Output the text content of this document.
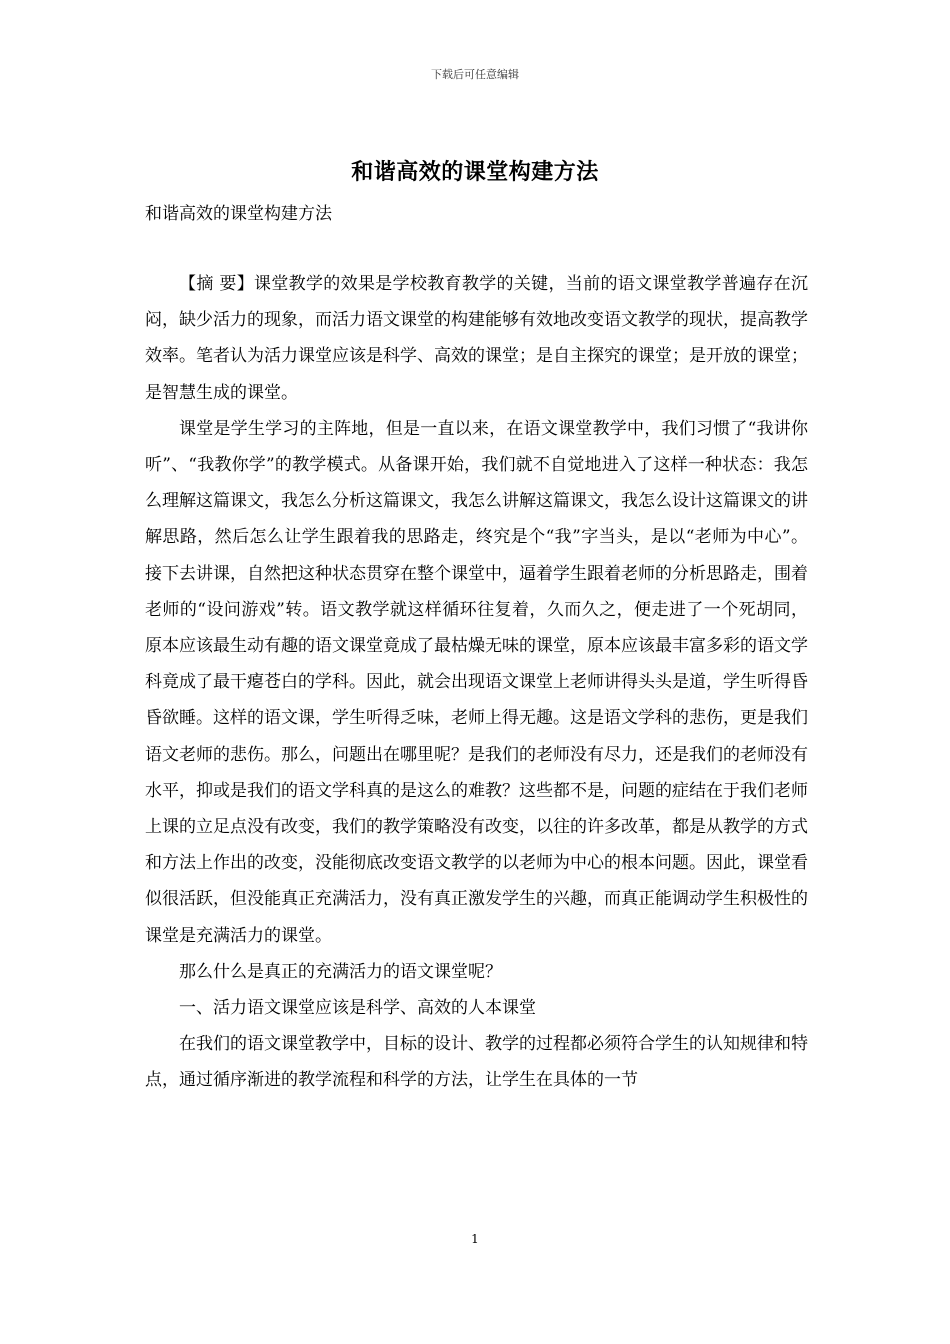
下载后可任意编辑
和谐高效的课堂构建方法
和谐高效的课堂构建方法

【摘 要】课堂教学的效果是学校教育教学的关键，当前的语文课堂教学普遍存在沉闷，缺少活力的现象，而活力语文课堂的构建能够有效地改变语文教学的现状，提高教学效率。笔者认为活力课堂应该是科学、高效的课堂；是自主探究的课堂；是开放的课堂；是智慧生成的课堂。

课堂是学生学习的主阵地，但是一直以来，在语文课堂教学中，我们习惯了“我讲你听”、“我教你学”的教学模式。从备课开始，我们就不自觉地进入了这样一种状态：我怎么理解这篇课文，我怎么分析这篇课文，我怎么讲解这篇课文，我怎么设计这篇课文的讲解思路，然后怎么让学生跟着我的思路走，终究是个“我”字当头，是以“老师为中心”。接下去讲课，自然把这种状态贯穿在整个课堂中，逼着学生跟着老师的分析思路走，围着老师的“设问游戏”转。语文教学就这样循环往复着，久而久之，便走进了一个死胡同，原本应该最生动有趣的语文课堂竟成了最枯燥无味的课堂，原本应该最丰富多彩的语文学科竟成了最干瘪苍白的学科。因此，就会出现语文课堂上老师讲得头头是道，学生听得昏昏欲睡。这样的语文课，学生听得乏味，老师上得无趣。这是语文学科的悲伤，更是我们语文老师的悲伤。那么，问题出在哪里呢？是我们的老师没有尽力，还是我们的老师没有水平，抑或是我们的语文学科真的是这么的难教？这些都不是，问题的症结在于我们老师上课的立足点没有改变，我们的教学策略没有改变，以往的许多改革，都是从教学的方式和方法上作出的改变，没能彻底改变语文教学的以老师为中心的根本问题。因此，课堂看似很活跃，但没能真正充满活力，没有真正激发学生的兴趣，而真正能调动学生积极性的课堂是充满活力的课堂。

那么什么是真正的充满活力的语文课堂呢？

一、活力语文课堂应该是科学、高效的人本课堂

在我们的语文课堂教学中，目标的设计、教学的过程都必须符合学生的认知规律和特点，通过循序渐进的教学流程和科学的方法，让学生在具体的一节

1
